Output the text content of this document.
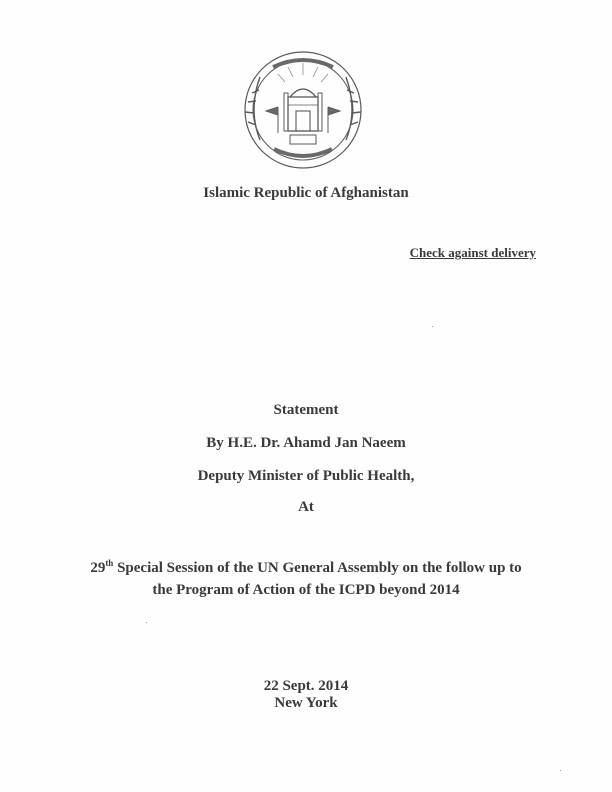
Islamic Republic of Afghanistan
Check against delivery
Statement
By H.E. Dr. Ahamd Jan Naeem
Deputy Minister of Public Health,
At
29th Special Session of the UN General Assembly on the follow up to
the Program of Action of the ICPD beyond 2014
22 Sept. 2014
New York
